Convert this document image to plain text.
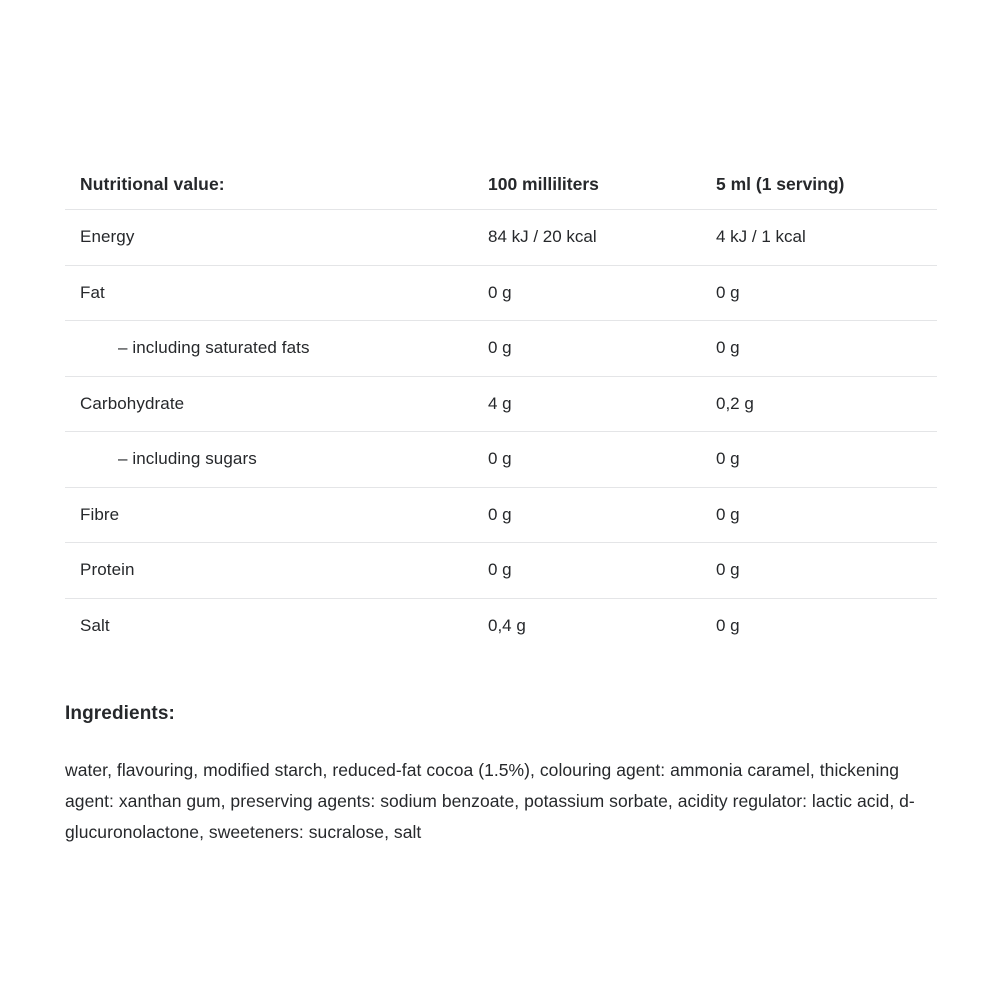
Nutritional value:	100 milliliters	5 ml (1 serving)
Energy	84 kJ / 20 kcal	4 kJ / 1 kcal
Fat	0 g	0 g
– including saturated fats	0 g	0 g
Carbohydrate	4 g	0,2 g
– including sugars	0 g	0 g
Fibre	0 g	0 g
Protein	0 g	0 g
Salt	0,4 g	0 g
Ingredients:
water, flavouring, modified starch, reduced-fat cocoa (1.5%), colouring agent: ammonia caramel, thickening agent: xanthan gum, preserving agents: sodium benzoate, potassium sorbate, acidity regulator: lactic acid, d-glucuronolactone, sweeteners: sucralose, salt
